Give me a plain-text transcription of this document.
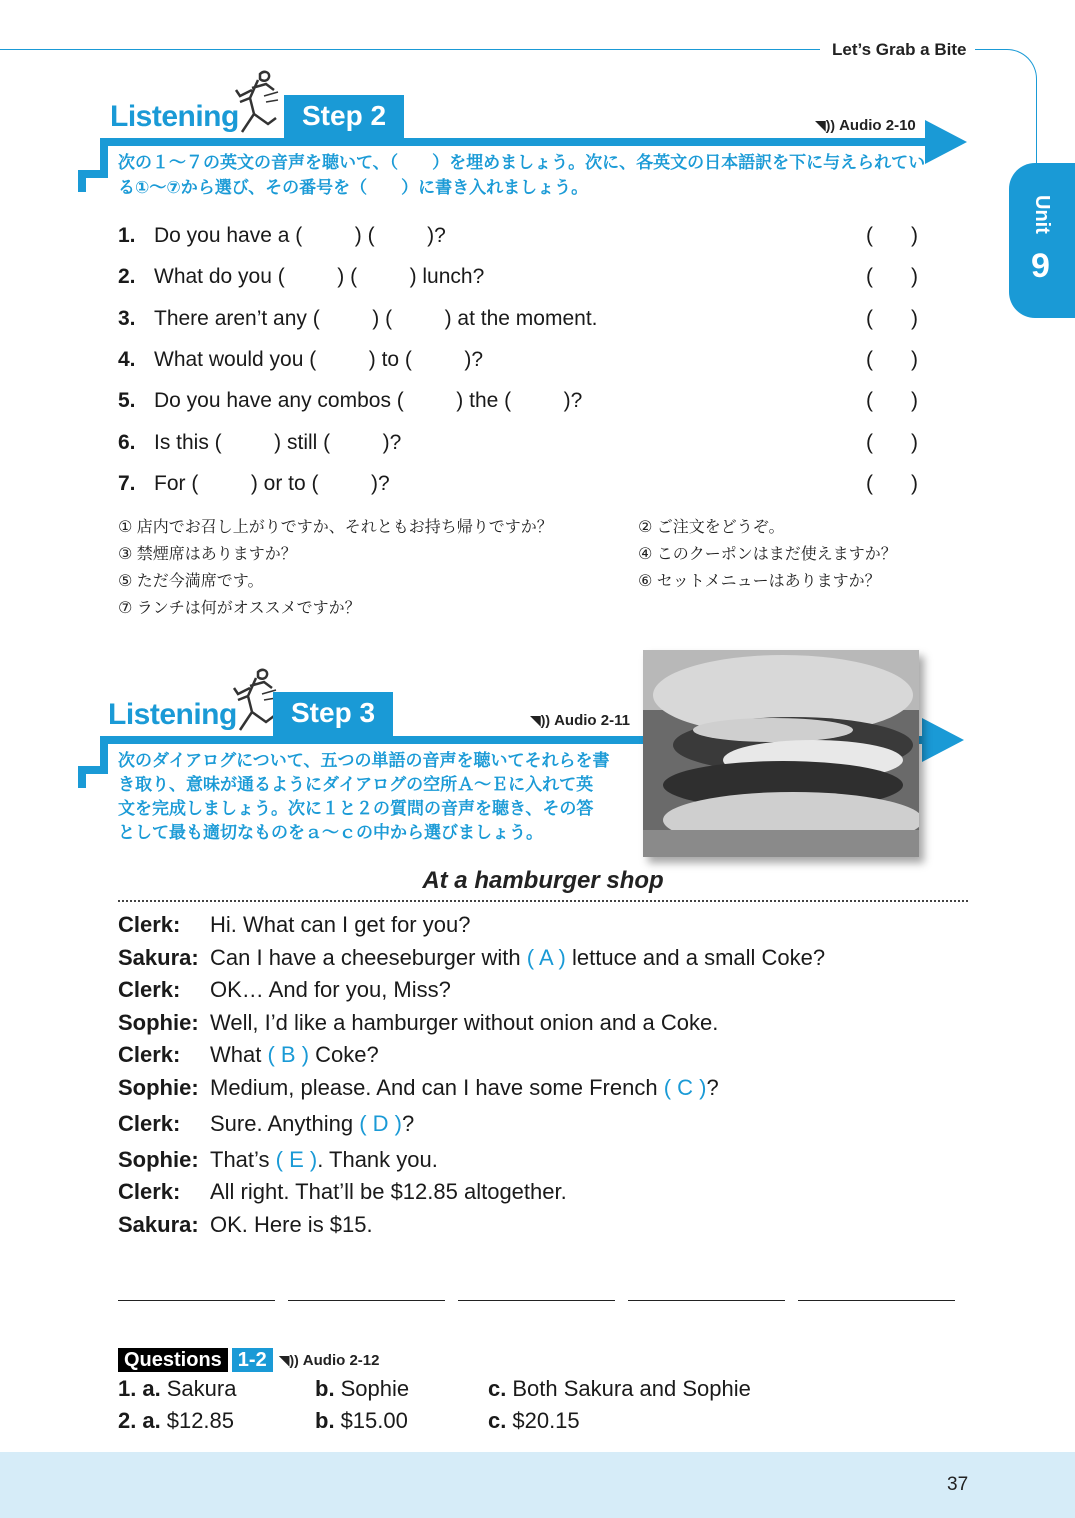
Let’s Grab a Bite
Unit
9
Listening	Step 2	◥)) Audio 2-10
次の１～７の英文の音声を聴いて、（　　）を埋めましょう。次に、各英文の日本語訳を下に与えられてい
る①～⑦から選び、その番号を（　　）に書き入れましょう。
1. Do you have a (         ) (         )?	( )
2. What do you (         ) (         ) lunch?	( )
3. There aren’t any (         ) (         ) at the moment.	( )
4. What would you (         ) to (         )?	( )
5. Do you have any combos (         ) the (         )?	( )
6. Is this (         ) still (         )?	( )
7. For (         ) or to (         )?	( )
① 店内でお召し上がりですか、それともお持ち帰りですか？	② ご注文をどうぞ。
③ 禁煙席はありますか？	④ このクーポンはまだ使えますか？
⑤ ただ今満席です。	⑥ セットメニューはありますか？
⑦ ランチは何がオススメですか？
Listening	Step 3	◥)) Audio 2-11
次のダイアログについて、五つの単語の音声を聴いてそれらを書
き取り、意味が通るようにダイアログの空所Ａ～Ｅに入れて英
文を完成しましょう。次に１と２の質問の音声を聴き、その答
として最も適切なものをａ～ｃの中から選びましょう。
At a hamburger shop
Clerk: Hi. What can I get for you?
Sakura: Can I have a cheeseburger with ( A ) lettuce and a small Coke?
Clerk: OK… And for you, Miss?
Sophie: Well, I’d like a hamburger without onion and a Coke.
Clerk: What ( B ) Coke?
Sophie: Medium, please. And can I have some French ( C )?
Clerk: Sure. Anything ( D )?
Sophie: That’s ( E ). Thank you.
Clerk: All right. That’ll be $12.85 altogether.
Sakura: OK. Here is $15.
Questions 1-2 ◥)) Audio 2-12
1. a. Sakura	b. Sophie	c. Both Sakura and Sophie
2. a. $12.85	b. $15.00	c. $20.15
37
